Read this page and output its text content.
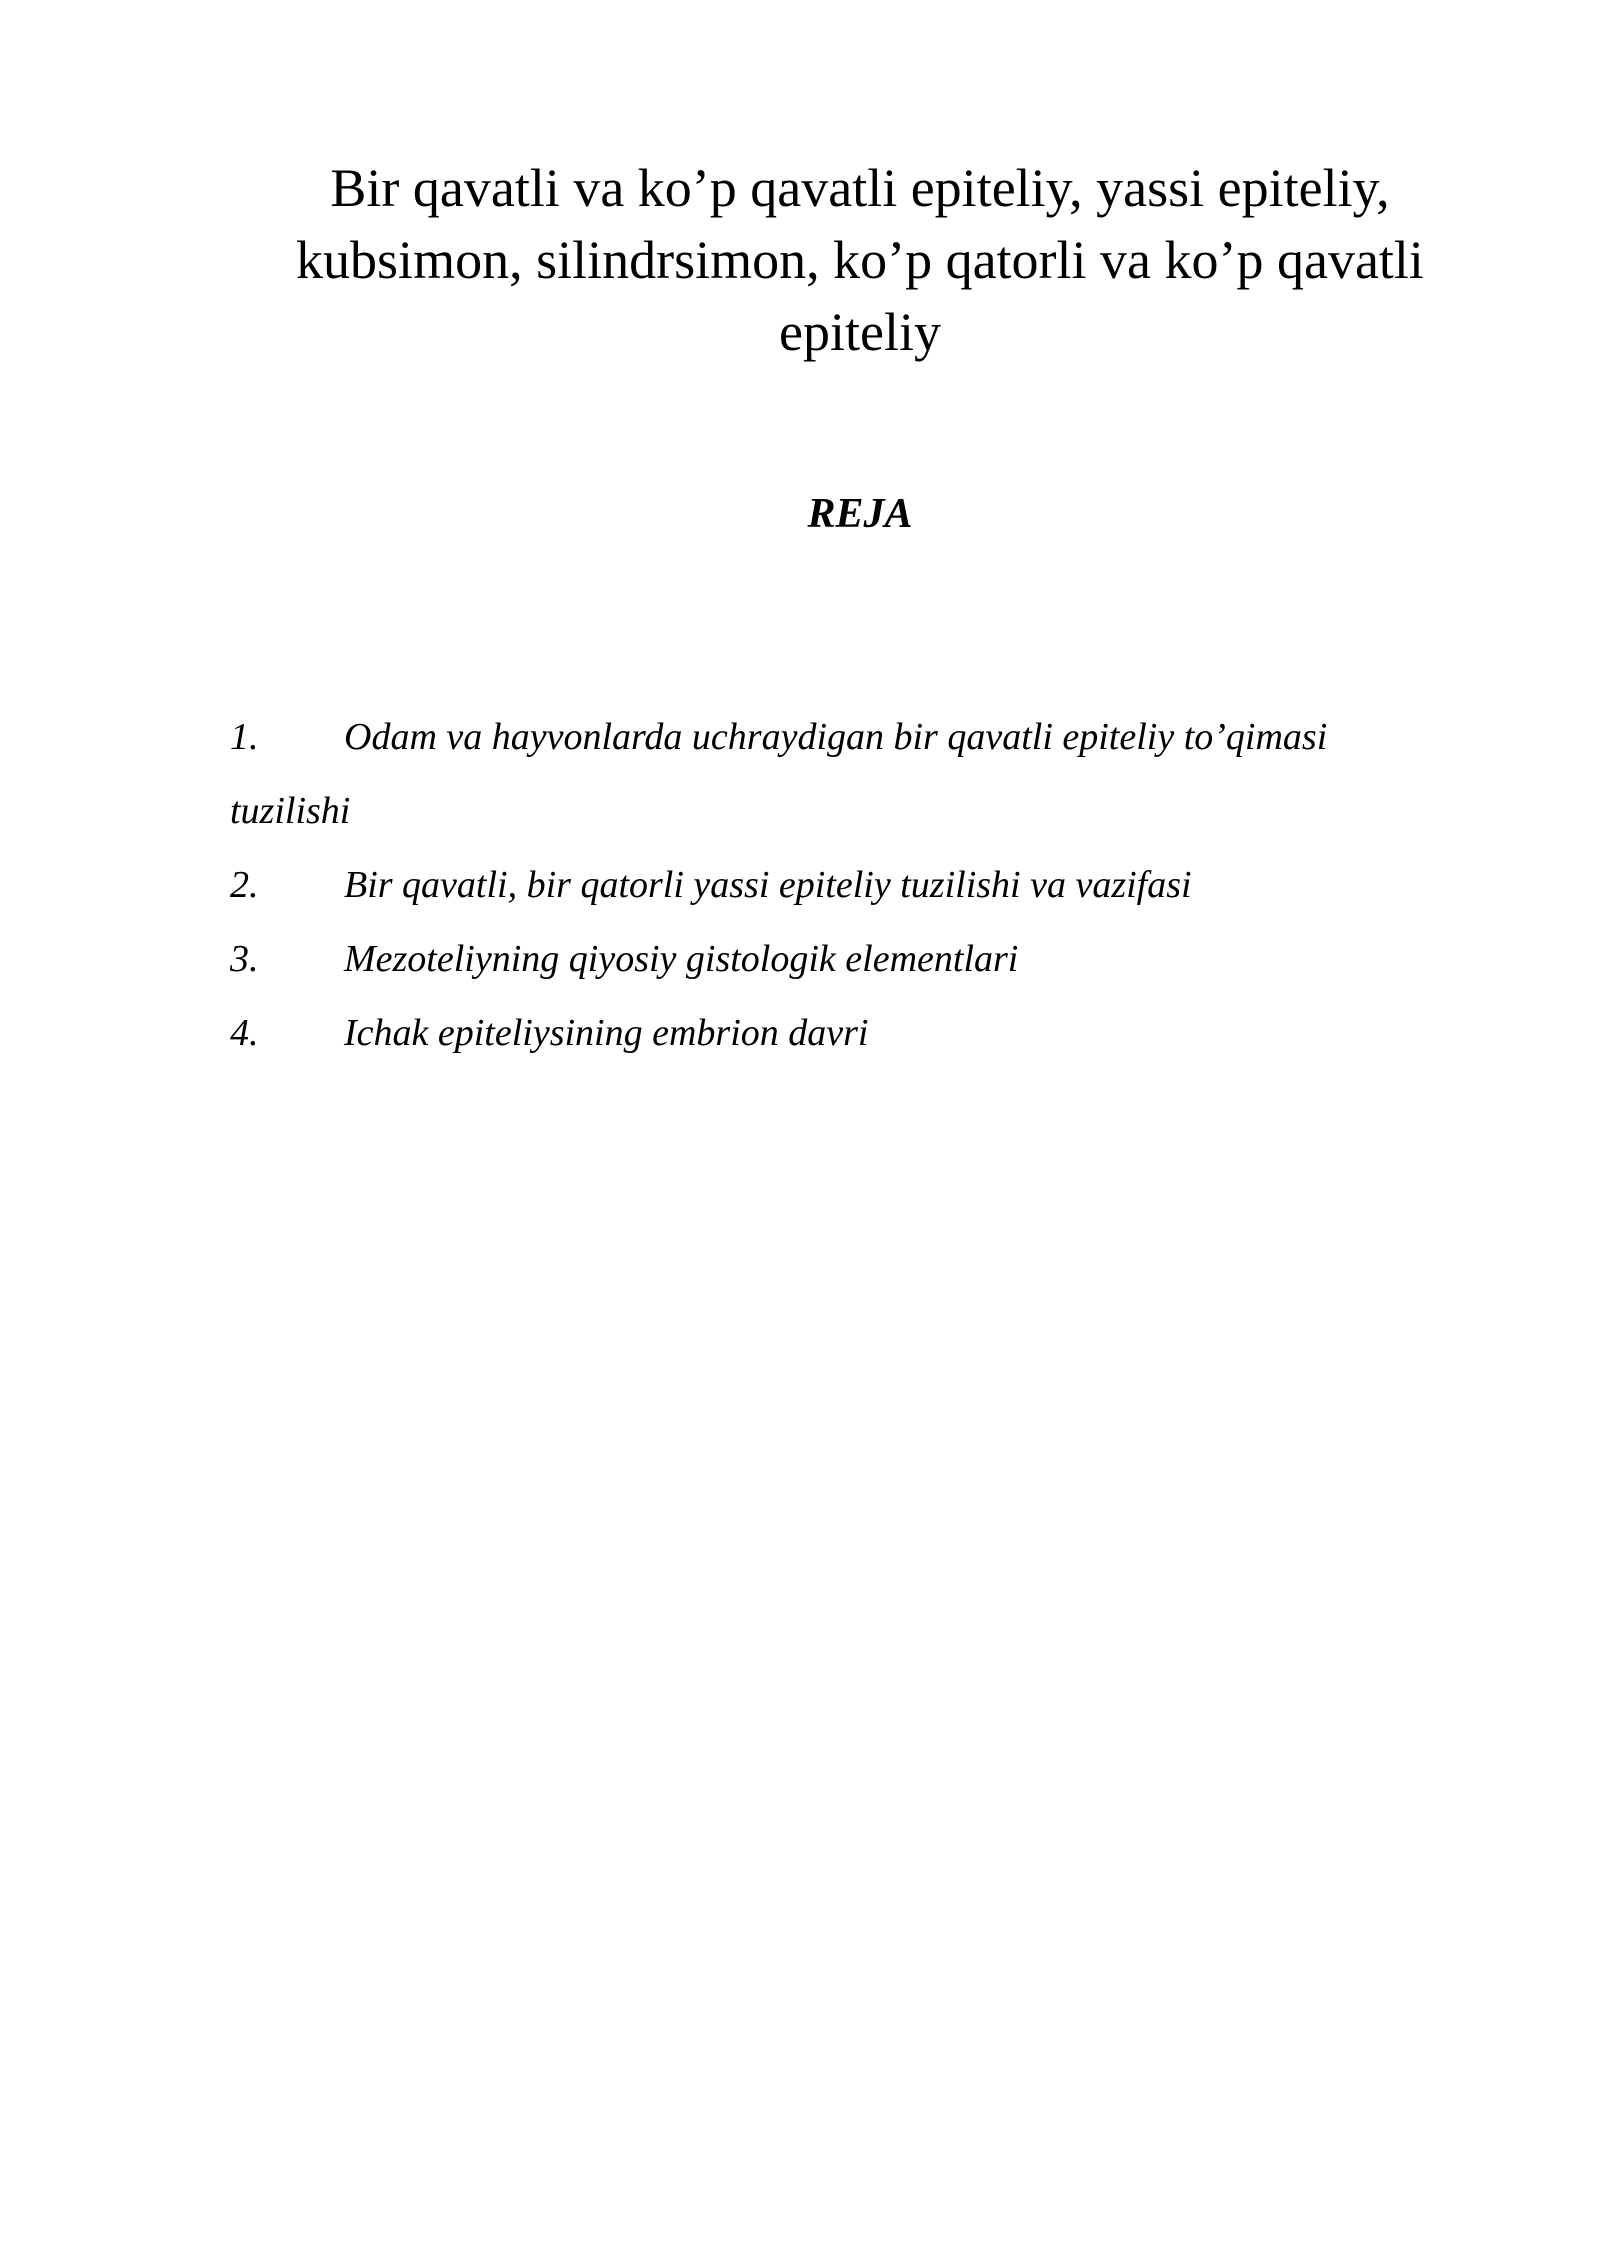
Bir qavatli va ko’p qavatli epiteliy, yassi epiteliy,
kubsimon, silindrsimon, ko’p qatorli va ko’p qavatli
epiteliy
REJA
1. Odam va hayvonlarda uchraydigan bir qavatli epiteliy to’qimasi
tuzilishi
2. Bir qavatli, bir qatorli yassi epiteliy tuzilishi va vazifasi
3. Mezoteliyning qiyosiy gistologik elementlari
4. Ichak epiteliysining embrion davri
